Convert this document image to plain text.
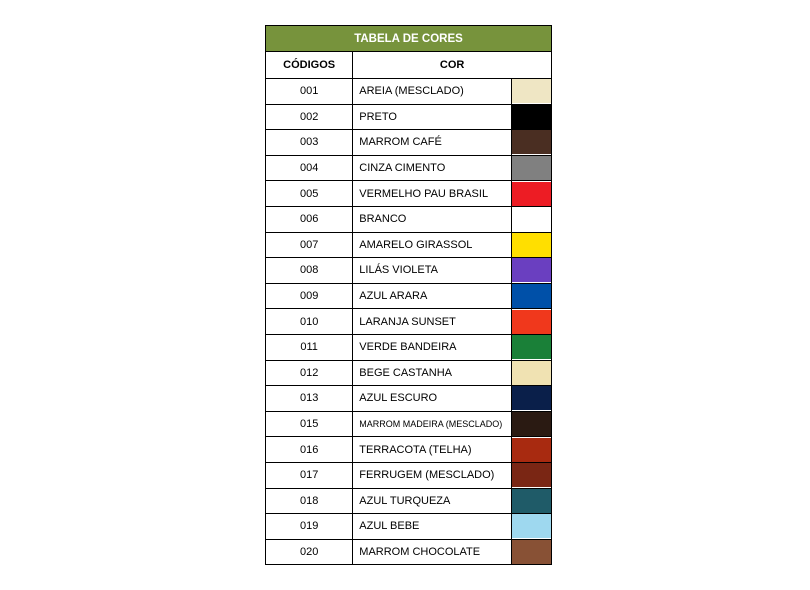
TABELA DE CORES		
CÓDIGOS	COR	
001	AREIA (MESCLADO)	

002	PRETO	

003	MARROM CAFÉ	

004	CINZA CIMENTO	

005	VERMELHO PAU BRASIL	

006	BRANCO	

007	AMARELO GIRASSOL	

008	LILÁS VIOLETA	

009	AZUL ARARA	

010	LARANJA SUNSET	

011	VERDE BANDEIRA	

012	BEGE CASTANHA	

013	AZUL ESCURO	

015	MARROM MADEIRA (MESCLADO)	

016	TERRACOTA (TELHA)	

017	FERRUGEM (MESCLADO)	

018	AZUL TURQUEZA	

019	AZUL BEBE	

020	MARROM CHOCOLATE	
